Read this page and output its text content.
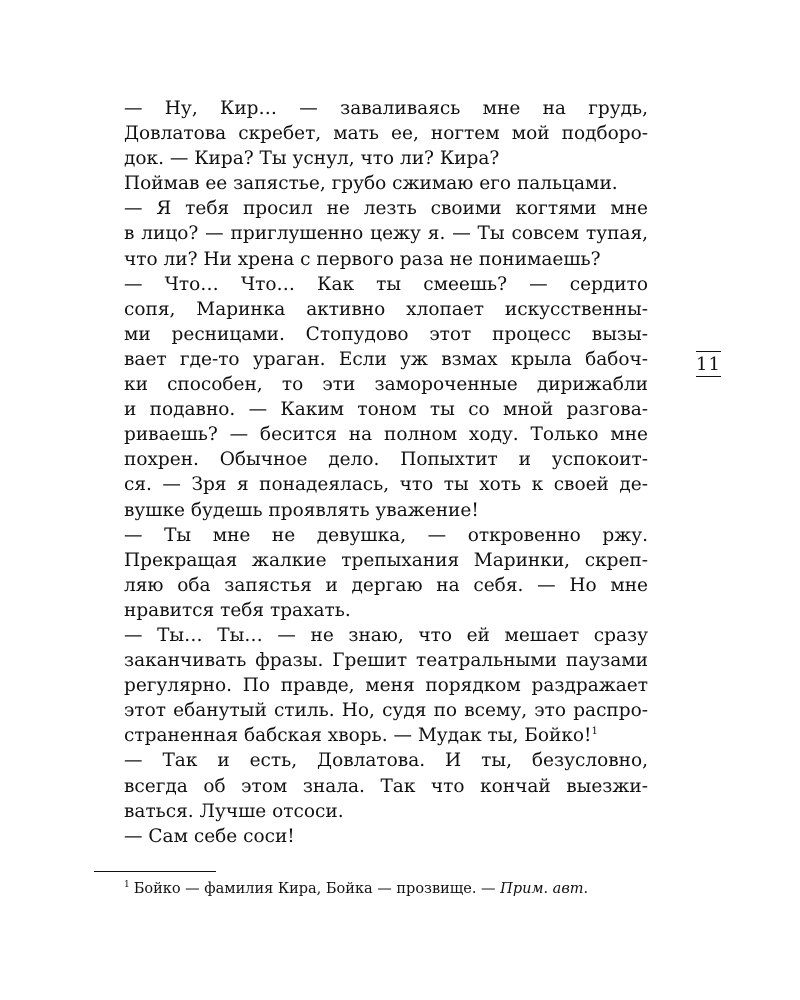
— Ну, Кир… — заваливаясь мне на грудь,
Довлатова скребет, мать ее, ногтем мой подборо-
док. — Кира? Ты уснул, что ли? Кира?
Поймав ее запястье, грубо сжимаю его пальцами.
— Я тебя просил не лезть своими когтями мне
в лицо? — приглушенно цежу я. — Ты совсем тупая,
что ли? Ни хрена с первого раза не понимаешь?
— Что… Что… Как ты смеешь? — сердито
сопя, Маринка активно хлопает искусственны-
ми ресницами. Стопудово этот процесс вызы-
вает где-то ураган. Если уж взмах крыла бабоч-
ки способен, то эти замороченные дирижабли
и подавно. — Каким тоном ты со мной разгова-
риваешь? — бесится на полном ходу. Только мне
похрен. Обычное дело. Попыхтит и успокоит-
ся. — Зря я понадеялась, что ты хоть к своей де-
вушке будешь проявлять уважение!
— Ты мне не девушка, — откровенно ржу.
Прекращая жалкие трепыхания Маринки, скреп-
ляю оба запястья и дергаю на себя. — Но мне
нравится тебя трахать.
— Ты… Ты… — не знаю, что ей мешает сразу
заканчивать фразы. Грешит театральными паузами
регулярно. По правде, меня порядком раздражает
этот ебанутый стиль. Но, судя по всему, это распро-
страненная бабская хворь. — Мудак ты, Бойко!$^1$
— Так и есть, Довлатова. И ты, безусловно,
всегда об этом знала. Так что кончай выезжи-
ваться. Лучше отсоси.
— Сам себе соси!
11
$^1$ Бойко — фамилия Кира, Бойка — прозвище. — Прим. авт.
